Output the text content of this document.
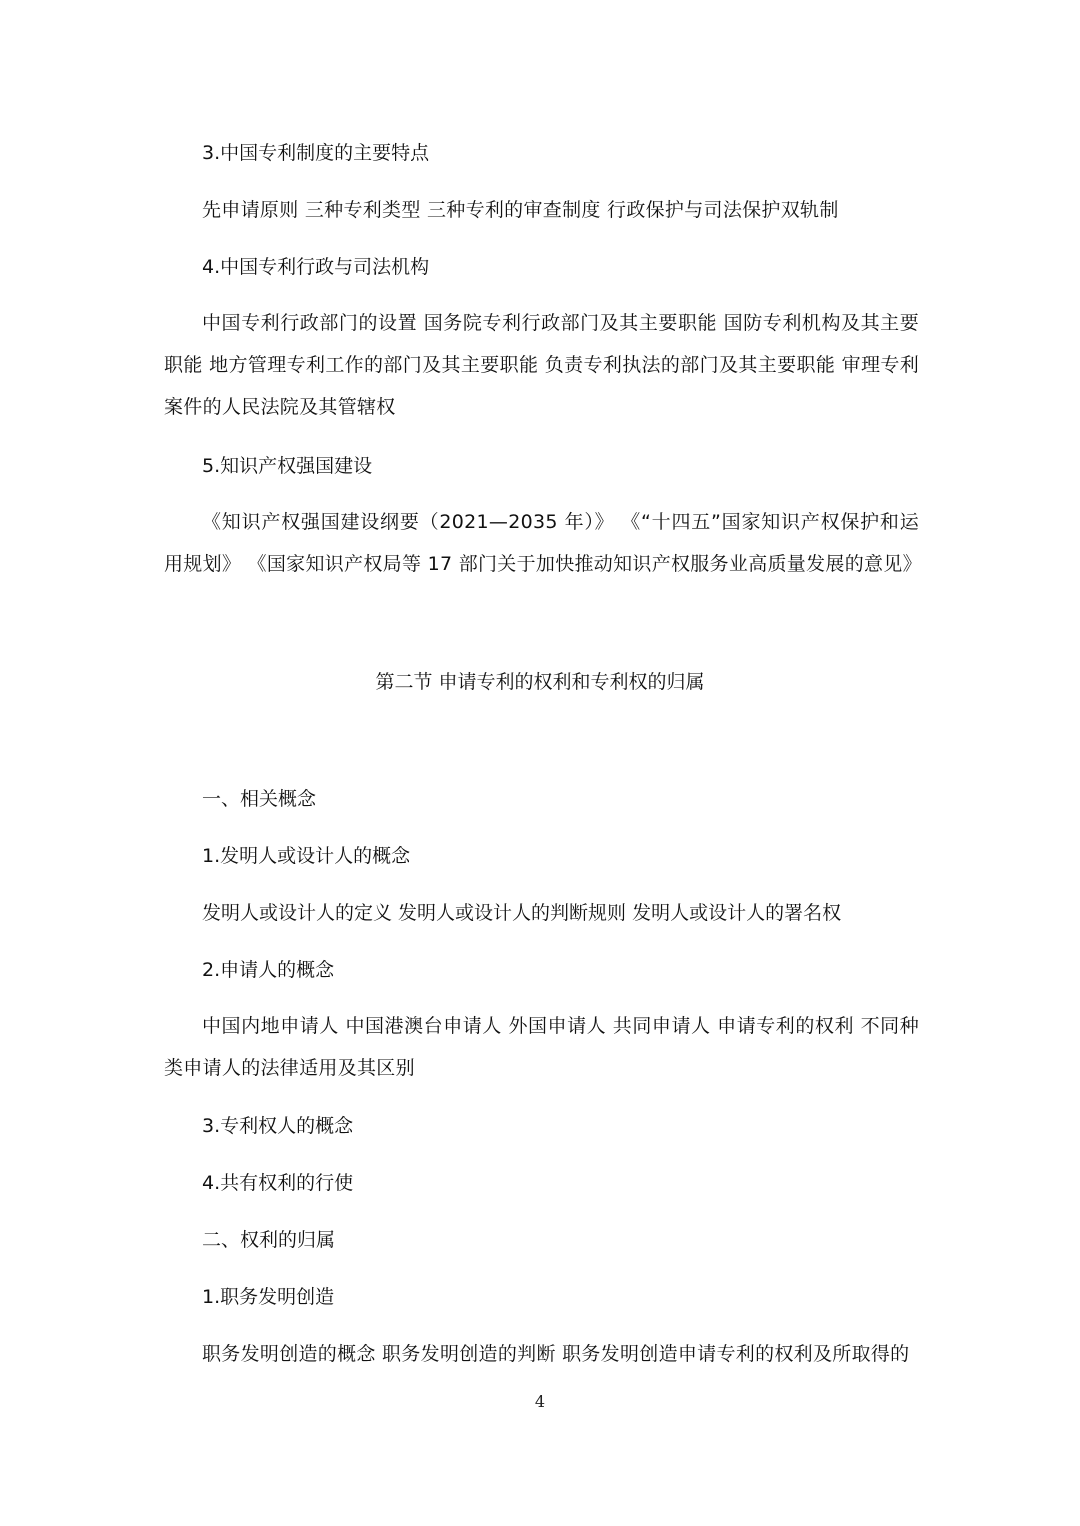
3.中国专利制度的主要特点
先申请原则 三种专利类型 三种专利的审查制度 行政保护与司法保护双轨制
4.中国专利行政与司法机构
中国专利行政部门的设置 国务院专利行政部门及其主要职能 国防专利机构及其主要职能 地方管理专利工作的部门及其主要职能 负责专利执法的部门及其主要职能 审理专利案件的人民法院及其管辖权
5.知识产权强国建设
《知识产权强国建设纲要（2021—2035 年）》 《“十四五”国家知识产权保护和运用规划》 《国家知识产权局等 17 部门关于加快推动知识产权服务业高质量发展的意见》
第二节 申请专利的权利和专利权的归属
一、相关概念
1.发明人或设计人的概念
发明人或设计人的定义 发明人或设计人的判断规则 发明人或设计人的署名权
2.申请人的概念
中国内地申请人 中国港澳台申请人 外国申请人 共同申请人 申请专利的权利 不同种类申请人的法律适用及其区别
3.专利权人的概念
4.共有权利的行使
二、权利的归属
1.职务发明创造
职务发明创造的概念 职务发明创造的判断 职务发明创造申请专利的权利及所取得的
4
